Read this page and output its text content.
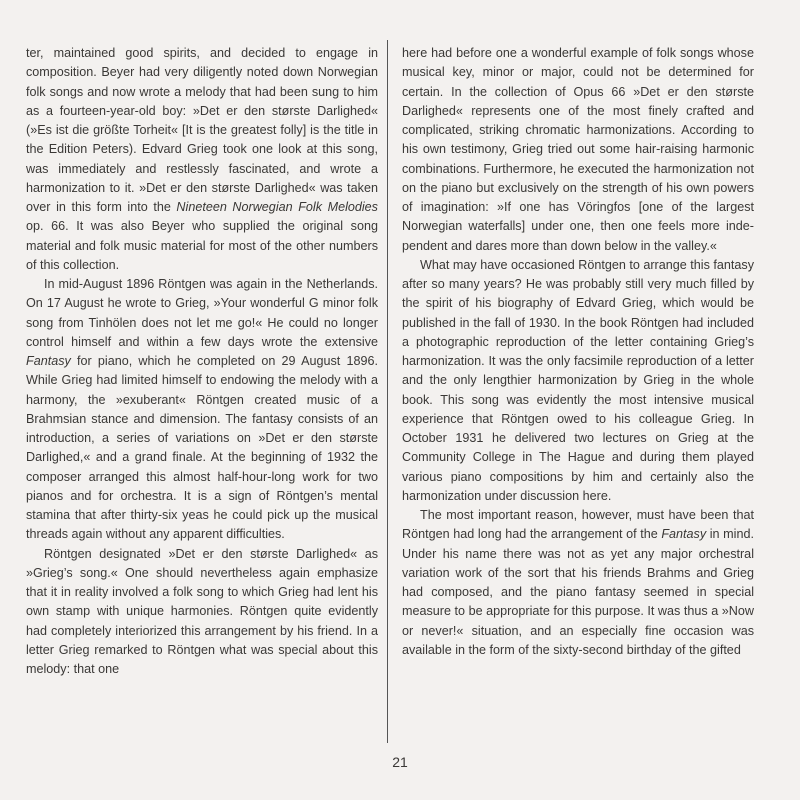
ter, maintained good spirits, and decided to engage in composition. Beyer had very diligently noted down Norwegian folk songs and now wrote a melody that had been sung to him as a fourteen-year-old boy: »Det er den største Darlighed« (»Es ist die größte Torheit« [It is the greatest folly] is the title in the Edition Peters). Edvard Grieg took one look at this song, was immediately and restlessly fascinated, and wrote a harmonization to it. »Det er den største Darlighed« was taken over in this form into the Nineteen Norwegian Folk Melodies op. 66. It was also Beyer who supplied the original song material and folk music material for most of the other numbers of this collection.

In mid-August 1896 Röntgen was again in the Netherlands. On 17 August he wrote to Grieg, »Your wonderful G minor folk song from Tinhölen does not let me go!« He could no longer control himself and within a few days wrote the extensive Fantasy for piano, which he completed on 29 August 1896. While Grieg had limited himself to endowing the melody with a harmony, the »exuberant« Röntgen created music of a Brahmsian stance and dimension. The fantasy consists of an introduction, a series of variations on »Det er den største Darlighed,« and a grand finale. At the beginning of 1932 the composer arranged this almost half-hour-long work for two pianos and for orchestra. It is a sign of Röntgen’s mental stamina that after thirty-six yeas he could pick up the musical threads again without any apparent difficulties.

Röntgen designated »Det er den største Darlighed« as »Grieg’s song.« One should nevertheless again emphasize that it in reality involved a folk song to which Grieg had lent his own stamp with unique harmonies. Röntgen quite evidently had completely interiorized this arrangement by his friend. In a letter Grieg remarked to Röntgen what was special about this melody: that one

here had before one a wonderful example of folk songs whose musical key, minor or major, could not be determined for certain. In the collection of Opus 66 »Det er den største Darlighed« represents one of the most finely crafted and complicated, striking chromatic harmonizations. According to his own testimony, Grieg tried out some hair-raising harmonic combinations. Furthermore, he executed the harmonization not on the piano but exclusively on the strength of his own powers of imagination: »If one has Vöringfos [one of the largest Norwegian waterfalls] under one, then one feels more independent and dares more than down below in the valley.«

What may have occasioned Röntgen to arrange this fantasy after so many years? He was probably still very much filled by the spirit of his biography of Edvard Grieg, which would be published in the fall of 1930. In the book Röntgen had included a photographic reproduction of the letter containing Grieg’s harmonization. It was the only facsimile reproduction of a letter and the only lengthier harmonization by Grieg in the whole book. This song was evidently the most intensive musical experience that Röntgen owed to his colleague Grieg. In October 1931 he delivered two lectures on Grieg at the Community College in The Hague and during them played various piano compositions by him and certainly also the harmonization under discussion here.

The most important reason, however, must have been that Röntgen had long had the arrangement of the Fantasy in mind. Under his name there was not as yet any major orchestral variation work of the sort that his friends Brahms and Grieg had composed, and the piano fantasy seemed in special measure to be appropriate for this purpose. It was thus a »Now or never!« situation, and an especially fine occasion was available in the form of the sixty-second birthday of the gifted

21
